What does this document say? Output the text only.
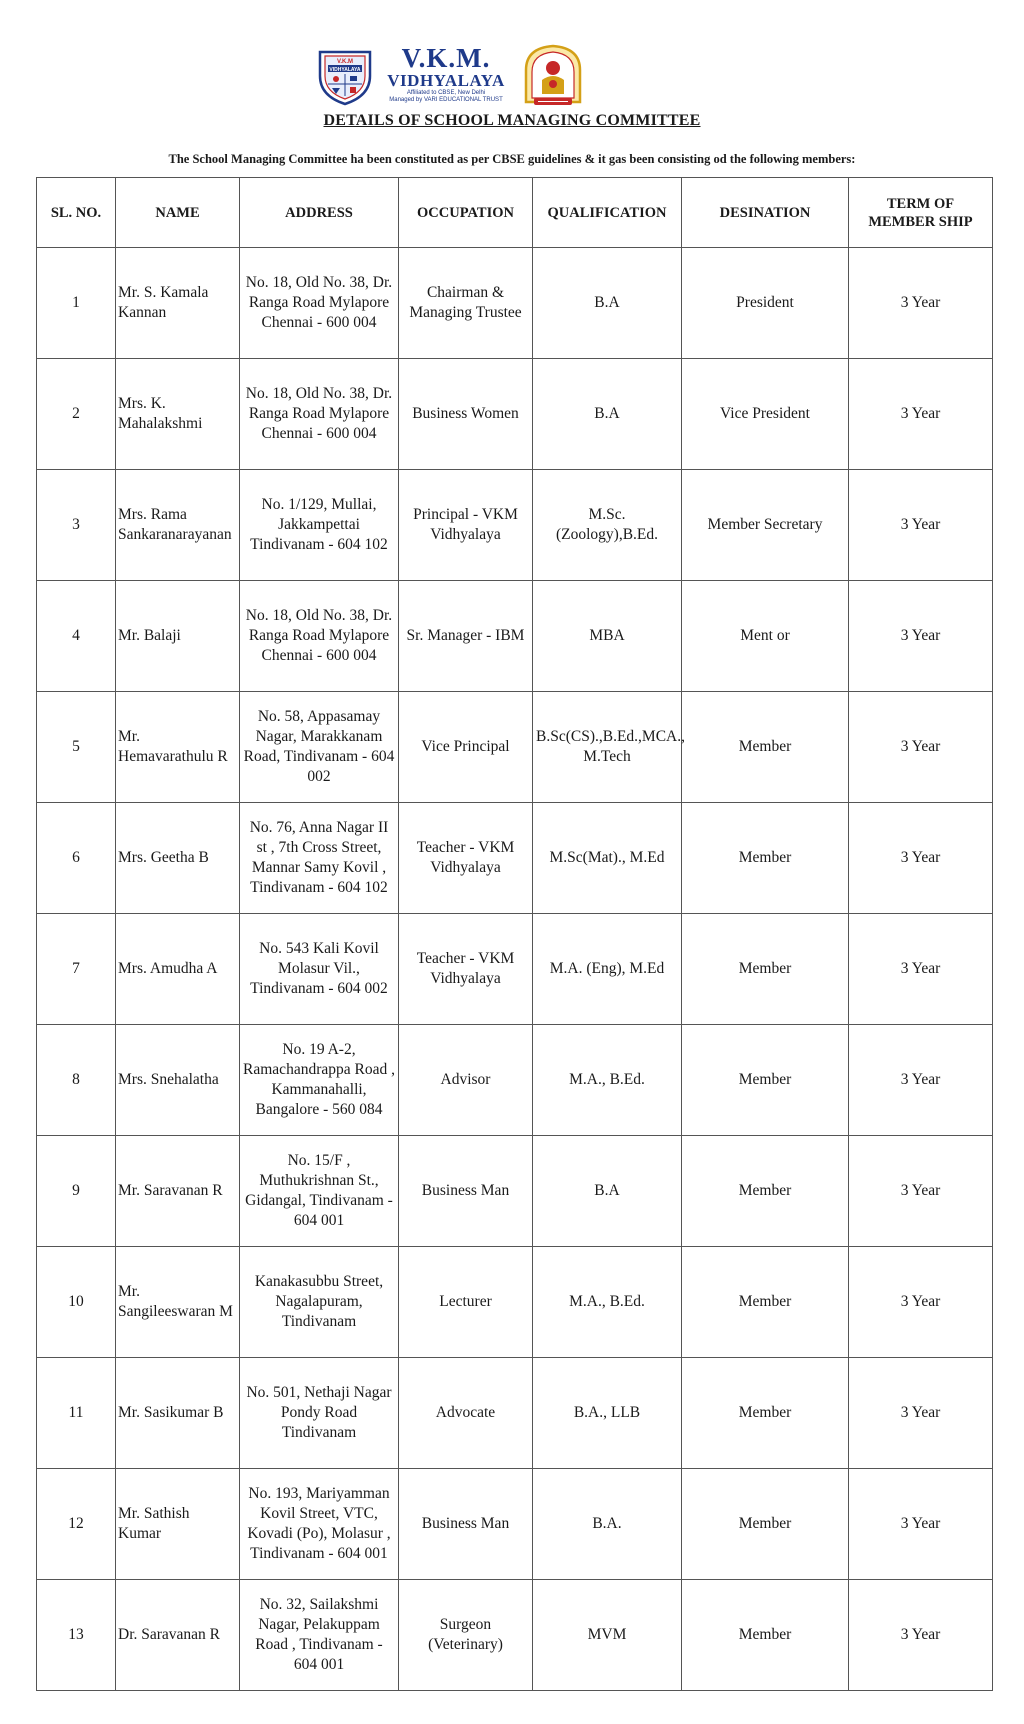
V.K.M
VIDHYALAYA	V.K.M.
VIDHYALAYA
Affiliated to CBSE, New Delhi
Managed by VARI EDUCATIONAL TRUST
DETAILS OF SCHOOL MANAGING COMMITTEE
The School Managing Committee ha been constituted as per CBSE guidelines & it gas been consisting od the following members:
SL. NO.	NAME	ADDRESS	OCCUPATION	QUALIFICATION	DESINATION	TERM OF MEMBER SHIP
1	Mr. S. Kamala Kannan	No. 18, Old No. 38, Dr. Ranga Road Mylapore Chennai - 600 004	Chairman & Managing Trustee	B.A	President	3 Year
2	Mrs. K. Mahalakshmi	No. 18, Old No. 38, Dr. Ranga Road Mylapore Chennai - 600 004	Business Women	B.A	Vice President	3 Year
3	Mrs. Rama Sankaranarayanan	No. 1/129, Mullai, Jakkampettai Tindivanam - 604 102	Principal - VKM Vidhyalaya	M.Sc. (Zoology),B.Ed.	Member Secretary	3 Year
4	Mr. Balaji	No. 18, Old No. 38, Dr. Ranga Road Mylapore Chennai - 600 004	Sr. Manager - IBM	MBA	Ment or	3 Year
5	Mr. Hemavarathulu R	No. 58, Appasamay Nagar, Marakkanam Road, Tindivanam - 604 002	Vice Principal	B.Sc(CS).,B.Ed.,MCA., M.Tech	Member	3 Year
6	Mrs. Geetha B	No. 76, Anna Nagar II st , 7th Cross Street, Mannar Samy Kovil , Tindivanam - 604 102	Teacher - VKM Vidhyalaya	M.Sc(Mat)., M.Ed	Member	3 Year
7	Mrs. Amudha A	No. 543 Kali Kovil Molasur Vil., Tindivanam - 604 002	Teacher - VKM Vidhyalaya	M.A. (Eng), M.Ed	Member	3 Year
8	Mrs. Snehalatha	No. 19 A-2, Ramachandrappa Road , Kammanahalli, Bangalore - 560 084	Advisor	M.A., B.Ed.	Member	3 Year
9	Mr. Saravanan R	No. 15/F , Muthukrishnan St., Gidangal, Tindivanam - 604 001	Business Man	B.A	Member	3 Year
10	Mr. Sangileeswaran M	Kanakasubbu Street, Nagalapuram, Tindivanam	Lecturer	M.A., B.Ed.	Member	3 Year
11	Mr. Sasikumar B	No. 501, Nethaji Nagar Pondy Road Tindivanam	Advocate	B.A., LLB	Member	3 Year
12	Mr. Sathish Kumar	No. 193, Mariyamman Kovil Street, VTC, Kovadi (Po), Molasur , Tindivanam - 604 001	Business Man	B.A.	Member	3 Year
13	Dr. Saravanan R	No. 32, Sailakshmi Nagar, Pelakuppam Road , Tindivanam - 604 001	Surgeon (Veterinary)	MVM	Member	3 Year
